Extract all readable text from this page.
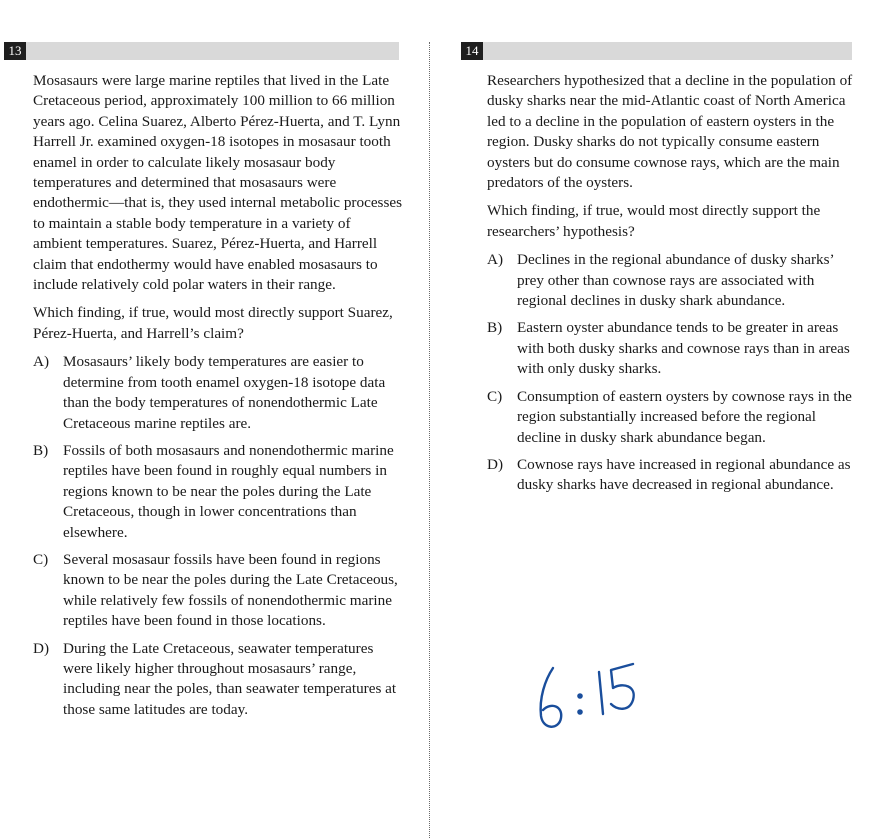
13	14

Mosasaurs were large marine reptiles that lived in the Late Cretaceous period, approximately 100 million to 66 million years ago. Celina Suarez, Alberto Pérez-Huerta, and T. Lynn Harrell Jr. examined oxygen-18 isotopes in mosasaur tooth enamel in order to calculate likely mosasaur body temperatures and determined that mosasaurs were endothermic—that is, they used internal metabolic processes to maintain a stable body temperature in a variety of ambient temperatures. Suarez, Pérez-Huerta, and Harrell claim that endothermy would have enabled mosasaurs to include relatively cold polar waters in their range.

Which finding, if true, would most directly support Suarez, Pérez-Huerta, and Harrell’s claim?

A) Mosasaurs’ likely body temperatures are easier to determine from tooth enamel oxygen-18 isotope data than the body temperatures of nonendothermic Late Cretaceous marine reptiles are.
B) Fossils of both mosasaurs and nonendothermic marine reptiles have been found in roughly equal numbers in regions known to be near the poles during the Late Cretaceous, though in lower concentrations than elsewhere.
C) Several mosasaur fossils have been found in regions known to be near the poles during the Late Cretaceous, while relatively few fossils of nonendothermic marine reptiles have been found in those locations.
D) During the Late Cretaceous, seawater temperatures were likely higher throughout mosasaurs’ range, including near the poles, than seawater temperatures at those same latitudes are today.

Researchers hypothesized that a decline in the population of dusky sharks near the mid-Atlantic coast of North America led to a decline in the population of eastern oysters in the region. Dusky sharks do not typically consume eastern oysters but do consume cownose rays, which are the main predators of the oysters.

Which finding, if true, would most directly support the researchers’ hypothesis?

A) Declines in the regional abundance of dusky sharks’ prey other than cownose rays are associated with regional declines in dusky shark abundance.
B) Eastern oyster abundance tends to be greater in areas with both dusky sharks and cownose rays than in areas with only dusky sharks.
C) Consumption of eastern oysters by cownose rays in the region substantially increased before the regional decline in dusky shark abundance began.
D) Cownose rays have increased in regional abundance as dusky sharks have decreased in regional abundance.
